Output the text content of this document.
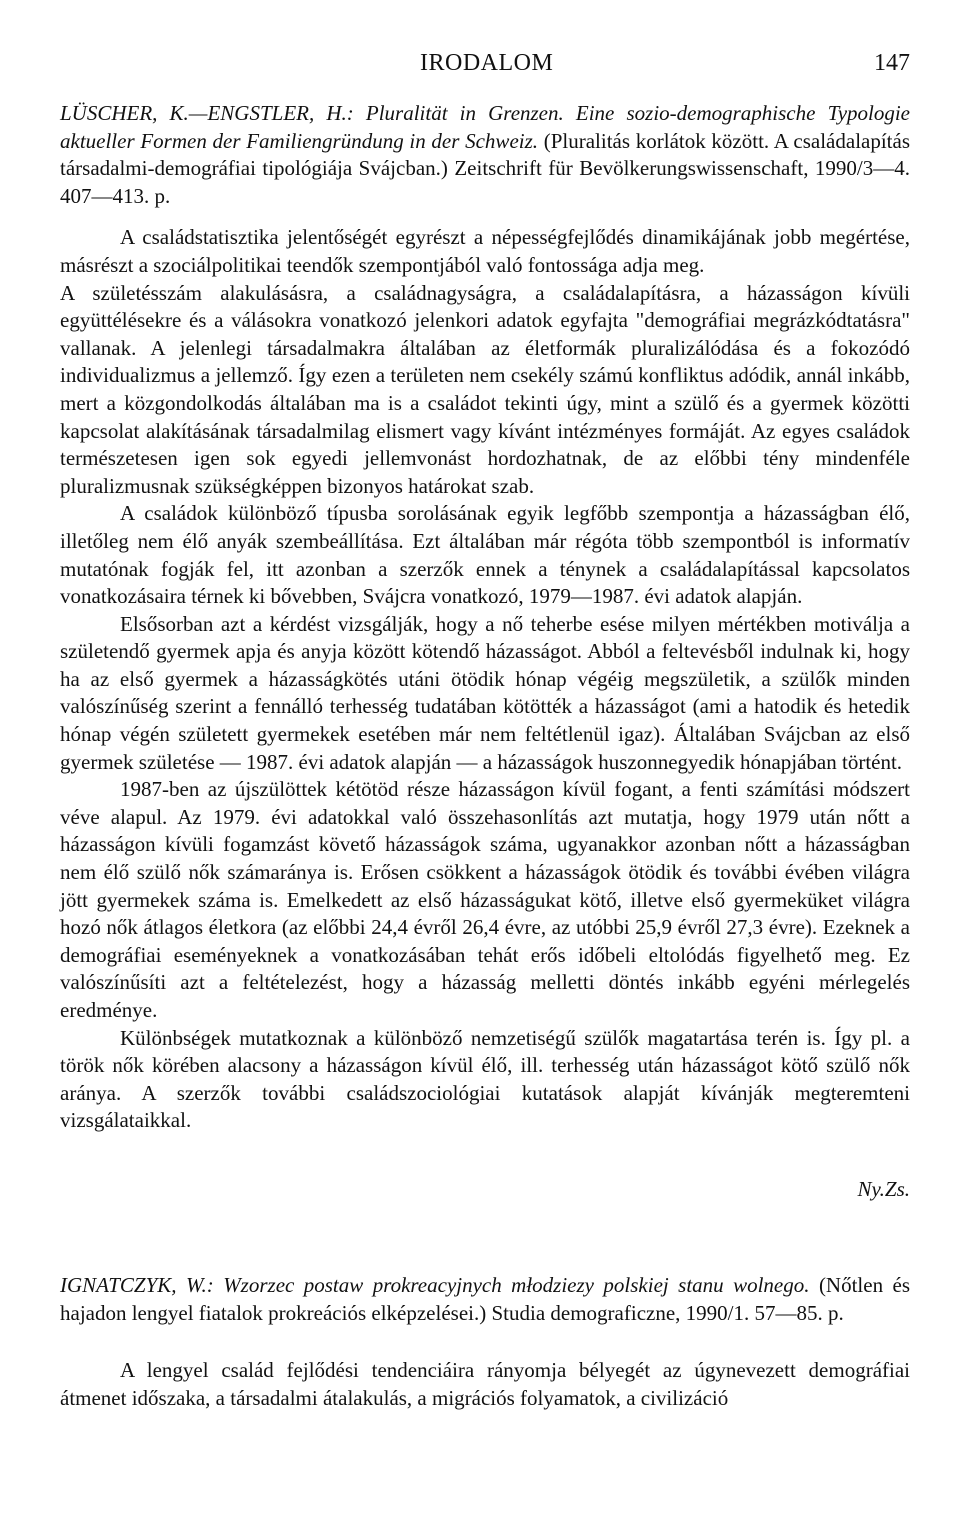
IRODALOM	147

LÜSCHER, K.—ENGSTLER, H.: Pluralität in Grenzen. Eine sozio-demographische Typologie aktueller Formen der Familiengründung in der Schweiz. (Pluralitás korlátok között. A családalapítás társadalmi-demográfiai tipológiája Svájcban.) Zeitschrift für Bevölkerungswissenschaft, 1990/3—4. 407—413. p.

A családstatisztika jelentőségét egyrészt a népességfejlődés dinamikájának jobb megértése, másrészt a szociálpolitikai teendők szempontjából való fontossága adja meg.

A születésszám alakulásásra, a családnagyságra, a családalapításra, a házasságon kívüli együttélésekre és a válásokra vonatkozó jelenkori adatok egyfajta "demográfiai megrázkódtatásra" vallanak. A jelenlegi társadalmakra általában az életformák pluralizálódása és a fokozódó individualizmus a jellemző. Így ezen a területen nem csekély számú konfliktus adódik, annál inkább, mert a közgondolkodás általában ma is a családot tekinti úgy, mint a szülő és a gyermek közötti kapcsolat alakításának társadalmilag elismert vagy kívánt intézményes formáját. Az egyes családok természetesen igen sok egyedi jellemvonást hordozhatnak, de az előbbi tény mindenféle pluralizmusnak szükségképpen bizonyos határokat szab.

A családok különböző típusba sorolásának egyik legfőbb szempontja a házasságban élő, illetőleg nem élő anyák szembeállítása. Ezt általában már régóta több szempontból is informatív mutatónak fogják fel, itt azonban a szerzők ennek a ténynek a családalapítással kapcsolatos vonatkozásaira térnek ki bővebben, Svájcra vonatkozó, 1979—1987. évi adatok alapján.

Elsősorban azt a kérdést vizsgálják, hogy a nő teherbe esése milyen mértékben motiválja a születendő gyermek apja és anyja között kötendő házasságot. Abból a feltevésből indulnak ki, hogy ha az első gyermek a házasságkötés utáni ötödik hónap végéig megszületik, a szülők minden valószínűség szerint a fennálló terhesség tudatában kötötték a házasságot (ami a hatodik és hetedik hónap végén született gyermekek esetében már nem feltétlenül igaz). Általában Svájcban az első gyermek születése — 1987. évi adatok alapján — a házasságok huszonnegyedik hónapjában történt.

1987-ben az újszülöttek kétötöd része házasságon kívül fogant, a fenti számítási módszert véve alapul. Az 1979. évi adatokkal való összehasonlítás azt mutatja, hogy 1979 után nőtt a házasságon kívüli fogamzást követő házasságok száma, ugyanakkor azonban nőtt a házasságban nem élő szülő nők számaránya is. Erősen csökkent a házasságok ötödik és további évében világra jött gyermekek száma is. Emelkedett az első házasságukat kötő, illetve első gyermeküket világra hozó nők átlagos életkora (az előbbi 24,4 évről 26,4 évre, az utóbbi 25,9 évről 27,3 évre). Ezeknek a demográfiai eseményeknek a vonatkozásában tehát erős időbeli eltolódás figyelhető meg. Ez valószínűsíti azt a feltételezést, hogy a házasság melletti döntés inkább egyéni mérlegelés eredménye.

Különbségek mutatkoznak a különböző nemzetiségű szülők magatartása terén is. Így pl. a török nők körében alacsony a házasságon kívül élő, ill. terhesség után házasságot kötő szülő nők aránya. A szerzők további családszociológiai kutatások alapját kívánják megteremteni vizsgálataikkal.

Ny.Zs.

IGNATCZYK, W.: Wzorzec postaw prokreacyjnych młodziezy polskiej stanu wolnego. (Nőtlen és hajadon lengyel fiatalok prokreációs elképzelései.) Studia demograficzne, 1990/1. 57—85. p.

A lengyel család fejlődési tendenciáira rányomja bélyegét az úgynevezett demográfiai átmenet időszaka, a társadalmi átalakulás, a migrációs folyamatok, a civilizáció
